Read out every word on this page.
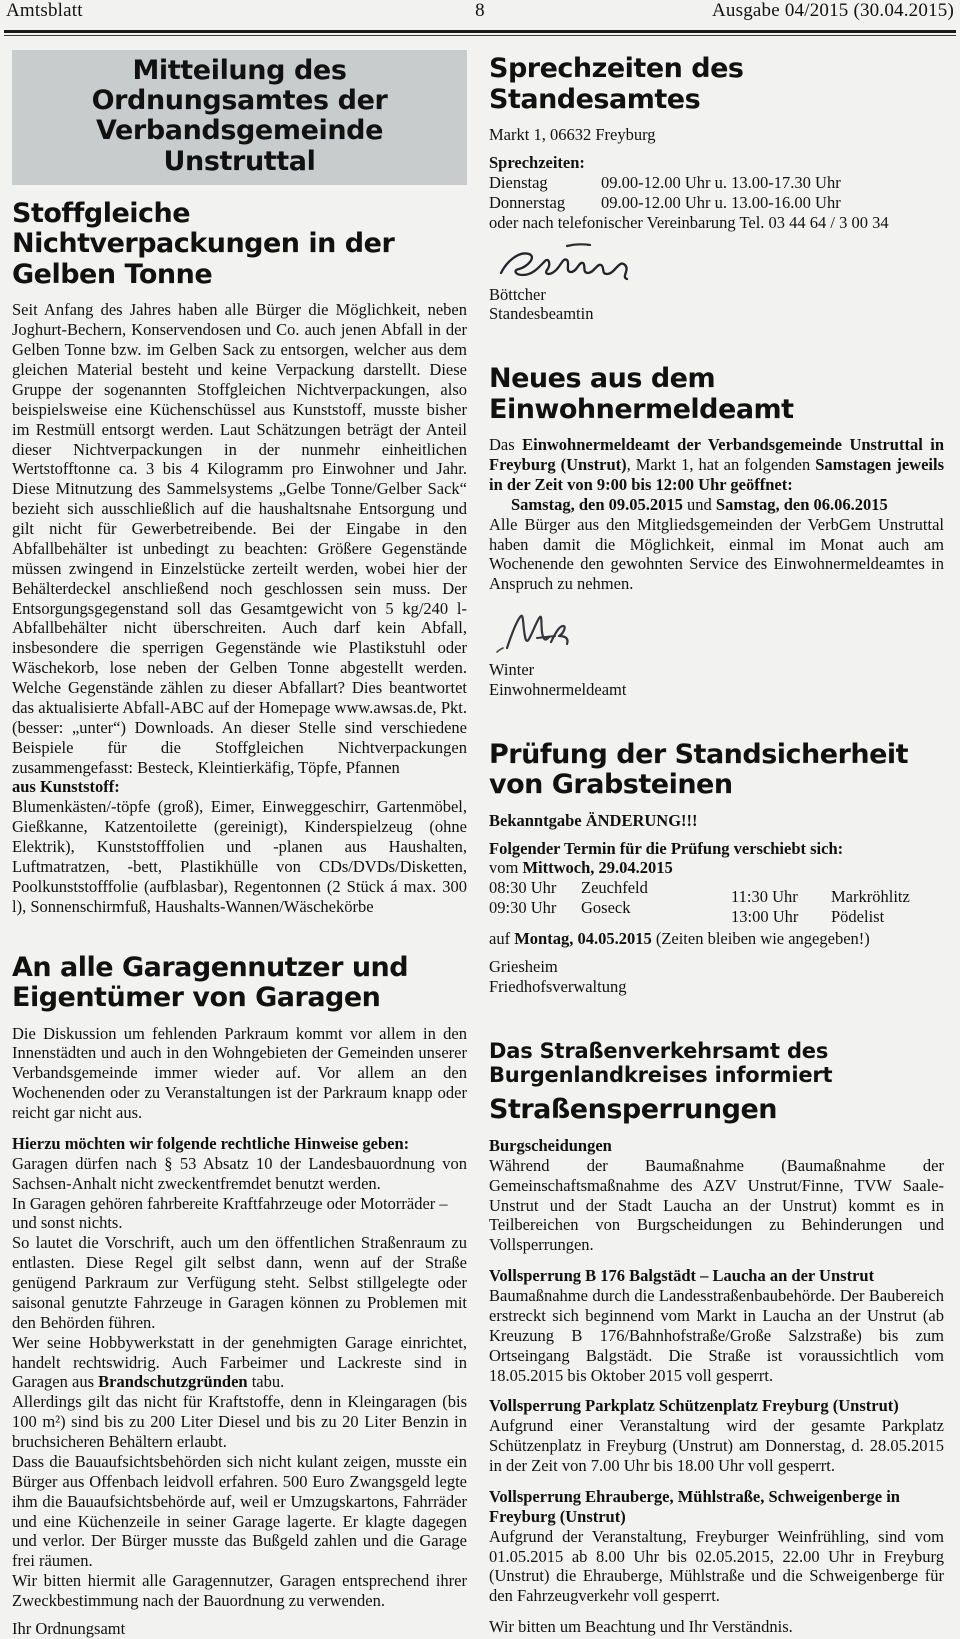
Amtsblatt	8	Ausgabe 04/2015 (30.04.2015)
Mitteilung des Ordnungsamtes der Verbandsgemeinde Unstruttal
Stoffgleiche Nichtverpackungen in der Gelben Tonne

Seit Anfang des Jahres haben alle Bürger die Möglichkeit, neben Joghurt-Bechern, Konservendosen und Co. auch jenen Abfall in der Gelben Tonne bzw. im Gelben Sack zu entsorgen, welcher aus dem gleichen Material besteht und keine Verpackung darstellt. Diese Gruppe der sogenannten Stoffgleichen Nichtverpackungen, also beispielsweise eine Küchenschüssel aus Kunststoff, musste bisher im Restmüll entsorgt werden. Laut Schätzungen beträgt der Anteil dieser Nichtverpackungen in der nunmehr einheitlichen Wertstofftonne ca. 3 bis 4 Kilogramm pro Einwohner und Jahr. Diese Mitnutzung des Sammelsystems „Gelbe Tonne/Gelber Sack“ bezieht sich ausschließlich auf die haushaltsnahe Entsorgung und gilt nicht für Gewerbetreibende. Bei der Eingabe in den Abfallbehälter ist unbedingt zu beachten: Größere Gegenstände müssen zwingend in Einzelstücke zerteilt werden, wobei hier der Behälterdeckel anschließend noch geschlossen sein muss. Der Entsorgungsgegenstand soll das Gesamtgewicht von 5 kg/240 l-Abfallbehälter nicht überschreiten. Auch darf kein Abfall, insbesondere die sperrigen Gegenstände wie Plastikstuhl oder Wäschekorb, lose neben der Gelben Tonne abgestellt werden. Welche Gegenstände zählen zu dieser Abfallart? Dies beantwortet das aktualisierte Abfall-ABC auf der Homepage www.awsas.de, Pkt. (besser: „unter“) Downloads. An dieser Stelle sind verschiedene Beispiele für die Stoffgleichen Nichtverpackungen zusammengefasst: Besteck, Kleintierkäfig, Töpfe, Pfannen

aus Kunststoff:

Blumenkästen/-töpfe (groß), Eimer, Einweggeschirr, Gartenmöbel, Gießkanne, Katzentoilette (gereinigt), Kinderspielzeug (ohne Elektrik), Kunststofffolien und -planen aus Haushalten, Luftmatratzen, -bett, Plastikhülle von CDs/DVDs/Disketten, Poolkunststofffolie (aufblasbar), Regentonnen (2 Stück á max. 300 l), Sonnenschirmfuß, Haushalts-Wannen/Wäschekörbe

An alle Garagennutzer und Eigentümer von Garagen

Die Diskussion um fehlenden Parkraum kommt vor allem in den Innenstädten und auch in den Wohngebieten der Gemeinden unserer Verbandsgemeinde immer wieder auf. Vor allem an den Wochenenden oder zu Veranstaltungen ist der Parkraum knapp oder reicht gar nicht aus.

Hierzu möchten wir folgende rechtliche Hinweise geben:

Garagen dürfen nach § 53 Absatz 10 der Landesbauordnung von Sachsen-Anhalt nicht zweckentfremdet benutzt werden.

In Garagen gehören fahrbereite Kraftfahrzeuge oder Motorräder – und sonst nichts.

So lautet die Vorschrift, auch um den öffentlichen Straßenraum zu entlasten. Diese Regel gilt selbst dann, wenn auf der Straße genügend Parkraum zur Verfügung steht. Selbst stillgelegte oder saisonal genutzte Fahrzeuge in Garagen können zu Problemen mit den Behörden führen.

Wer seine Hobbywerkstatt in der genehmigten Garage einrichtet, handelt rechtswidrig. Auch Farbeimer und Lackreste sind in Garagen aus Brandschutzgründen tabu.

Allerdings gilt das nicht für Kraftstoffe, denn in Kleingaragen (bis 100 m²) sind bis zu 200 Liter Diesel und bis zu 20 Liter Benzin in bruchsicheren Behältern erlaubt.

Dass die Bauaufsichtsbehörden sich nicht kulant zeigen, musste ein Bürger aus Offenbach leidvoll erfahren. 500 Euro Zwangsgeld legte ihm die Bauaufsichtsbehörde auf, weil er Umzugskartons, Fahrräder und eine Küchenzeile in seiner Garage lagerte. Er klagte dagegen und verlor. Der Bürger musste das Bußgeld zahlen und die Garage frei räumen.

Wir bitten hiermit alle Garagennutzer, Garagen entsprechend ihrer Zweckbestimmung nach der Bauordnung zu verwenden.

Ihr Ordnungsamt

Sprechzeiten des Standesamtes

Markt 1, 06632 Freyburg

Sprechzeiten:

Dienstag	09.00-12.00 Uhr u. 13.00-17.30 Uhr
Donnerstag	09.00-12.00 Uhr u. 13.00-16.00 Uhr

oder nach telefonischer Vereinbarung Tel. 03 44 64 / 3 00 34

Böttcher

Standesbeamtin

Neues aus dem Einwohnermeldeamt

Das Einwohnermeldeamt der Verbandsgemeinde Unstruttal in Freyburg (Unstrut), Markt 1, hat an folgenden Samstagen jeweils in der Zeit von 9:00 bis 12:00 Uhr geöffnet:

Samstag, den 09.05.2015 und Samstag, den 06.06.2015

Alle Bürger aus den Mitgliedsgemeinden der VerbGem Unstruttal haben damit die Möglichkeit, einmal im Monat auch am Wochenende den gewohnten Service des Einwohnermeldeamtes in Anspruch zu nehmen.

Winter

Einwohnermeldeamt

Prüfung der Standsicherheit von Grabsteinen

Bekanntgabe ÄNDERUNG!!!

Folgender Termin für die Prüfung verschiebt sich:

vom Mittwoch, 29.04.2015

08:30 Uhr	Zeuchfeld
09:30 Uhr	Goseck
11:30 Uhr	Markröhlitz
13:00 Uhr	Pödelist

auf Montag, 04.05.2015 (Zeiten bleiben wie angegeben!)

Griesheim

Friedhofsverwaltung

Das Straßenverkehrsamt des Burgenlandkreises informiert
Straßensperrungen

Burgscheidungen

Während der Baumaßnahme (Baumaßnahme der Gemeinschaftsmaßnahme des AZV Unstrut/Finne, TVW Saale-Unstrut und der Stadt Laucha an der Unstrut) kommt es in Teilbereichen von Burgscheidungen zu Behinderungen und Vollsperrungen.

Vollsperrung B 176 Balgstädt – Laucha an der Unstrut

Baumaßnahme durch die Landesstraßenbaubehörde. Der Baubereich erstreckt sich beginnend vom Markt in Laucha an der Unstrut (ab Kreuzung B 176/Bahnhofstraße/Große Salzstraße) bis zum Ortseingang Balgstädt. Die Straße ist voraussichtlich vom 18.05.2015 bis Oktober 2015 voll gesperrt.

Vollsperrung Parkplatz Schützenplatz Freyburg (Unstrut)

Aufgrund einer Veranstaltung wird der gesamte Parkplatz Schützenplatz in Freyburg (Unstrut) am Donnerstag, d. 28.05.2015 in der Zeit von 7.00 Uhr bis 18.00 Uhr voll gesperrt.

Vollsperrung Ehrauberge, Mühlstraße, Schweigenberge in Freyburg (Unstrut)

Aufgrund der Veranstaltung, Freyburger Weinfrühling, sind vom 01.05.2015 ab 8.00 Uhr bis 02.05.2015, 22.00 Uhr in Freyburg (Unstrut) die Ehrauberge, Mühlstraße und die Schweigenberge für den Fahrzeugverkehr voll gesperrt.

Wir bitten um Beachtung und Ihr Verständnis.
